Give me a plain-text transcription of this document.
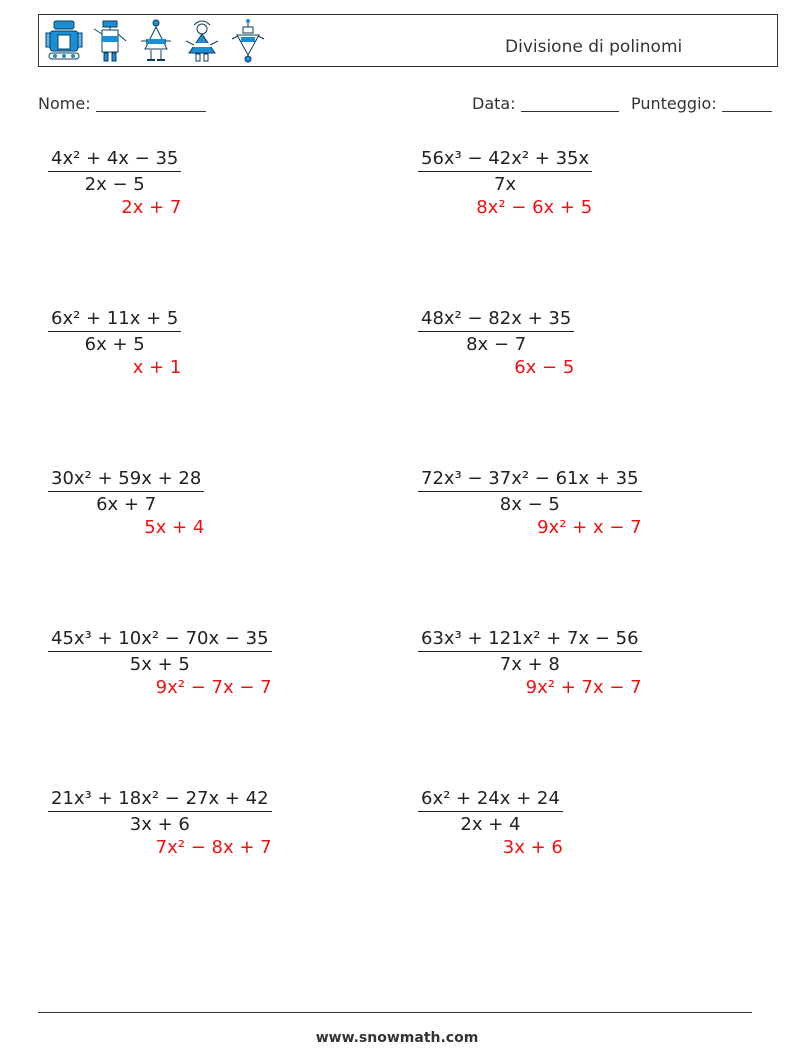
Divisione di polinomi
Nome:	Data:	Punteggio:
4x² + 4x − 35
2x − 5
2x + 7
56x³ − 42x² + 35x
7x
8x² − 6x + 5
6x² + 11x + 5
6x + 5
x + 1
48x² − 82x + 35
8x − 7
6x − 5
30x² + 59x + 28
6x + 7
5x + 4
72x³ − 37x² − 61x + 35
8x − 5
9x² + x − 7
45x³ + 10x² − 70x − 35
5x + 5
9x² − 7x − 7
63x³ + 121x² + 7x − 56
7x + 8
9x² + 7x − 7
21x³ + 18x² − 27x + 42
3x + 6
7x² − 8x + 7
6x² + 24x + 24
2x + 4
3x + 6
www.snowmath.com
